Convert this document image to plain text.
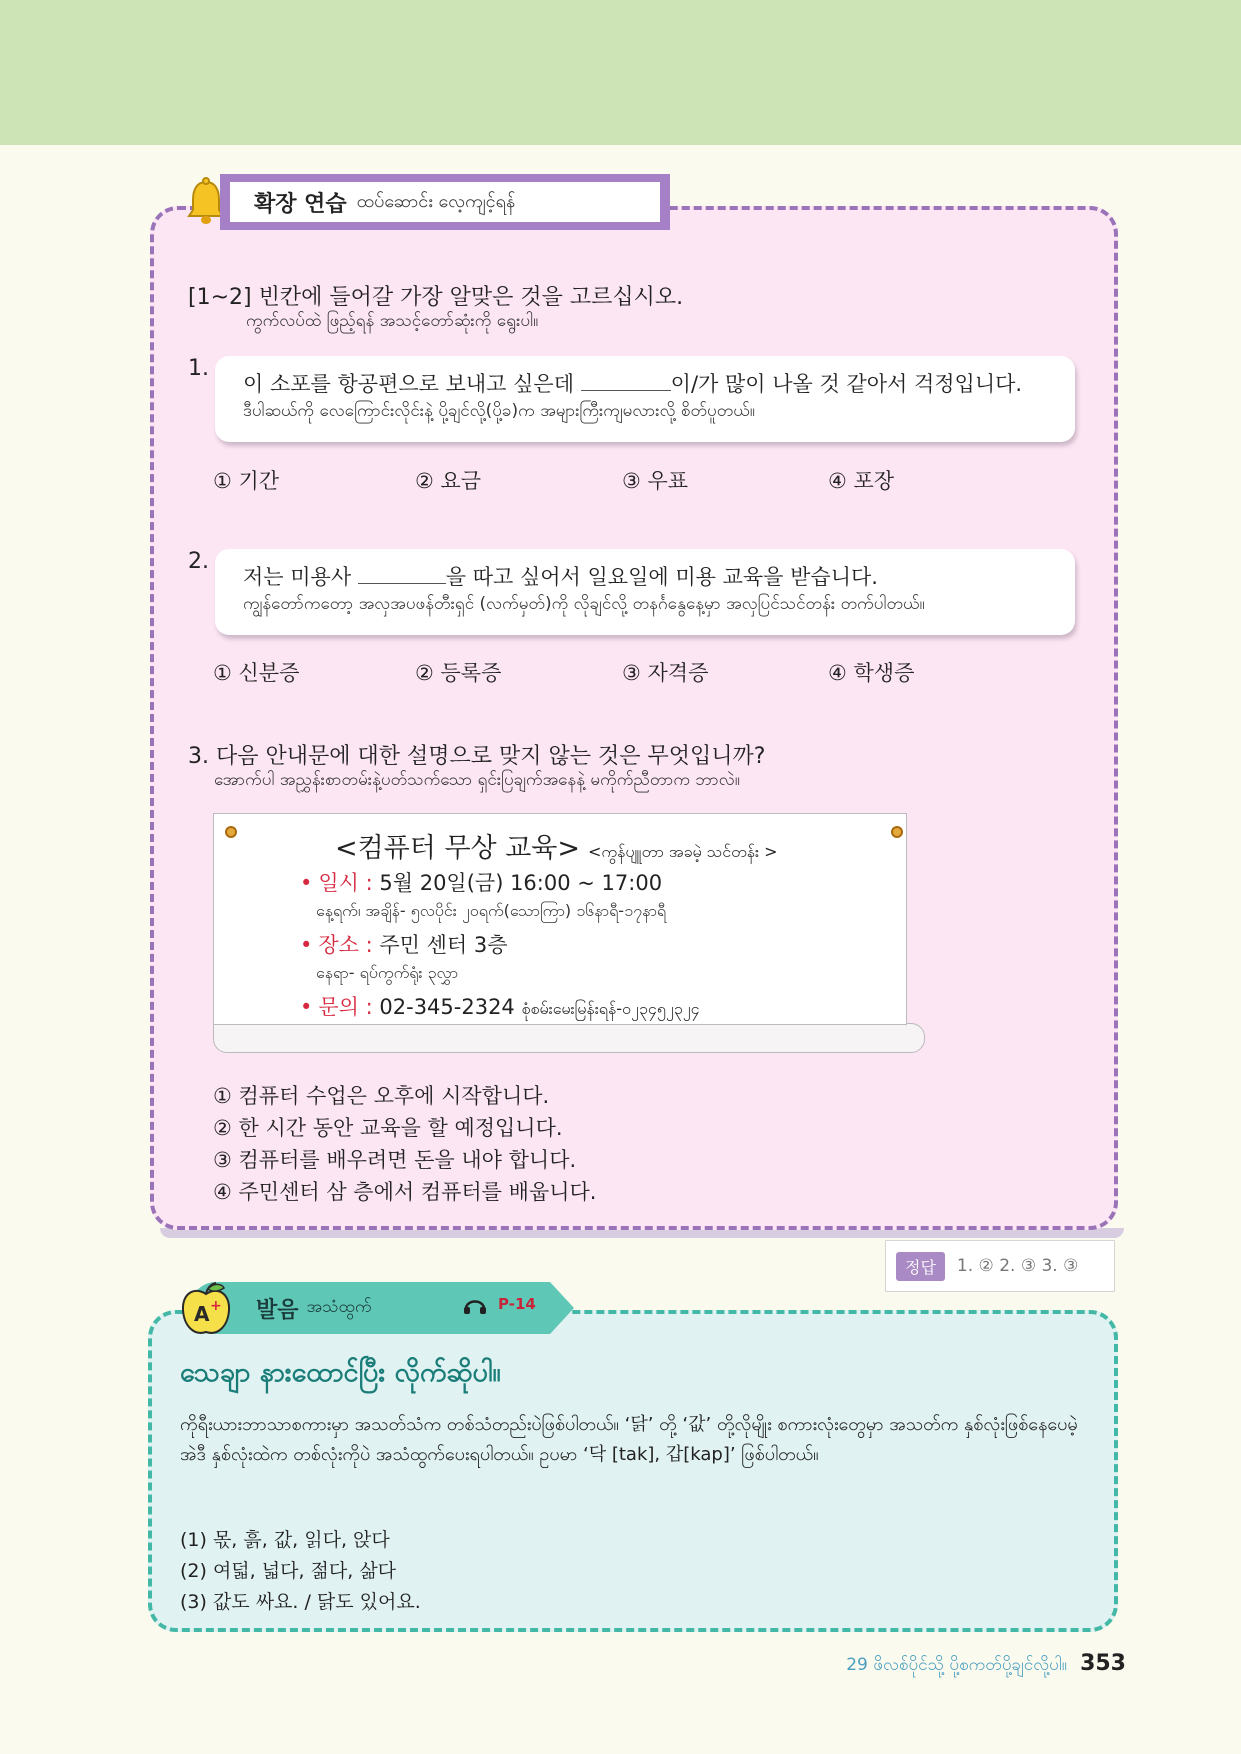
확장 연습 ထပ်ဆောင်း လေ့ကျင့်ရန်
[1~2] 빈칸에 들어갈 가장 알맞은 것을 고르십시오.
ကွက်လပ်ထဲ ဖြည့်ရန် အသင့်တော်ဆုံးကို ရွေးပါ။
1.
이 소포를 항공편으로 보내고 싶은데	이/가 많이 나올 것 같아서 걱정입니다.
ဒီပါဆယ်ကို လေကြောင်းလိုင်းနဲ့ ပို့ချင်လို့(ပို့ခ)က အများကြီးကျမလားလို့ စိတ်ပူတယ်။
① 기간	② 요금	③ 우표	④ 포장
2.
저는 미용사	을 따고 싶어서 일요일에 미용 교육을 받습니다.
ကျွန်တော်ကတော့ အလှအပဖန်တီးရှင် (လက်မှတ်)ကို လိုချင်လို့ တနင်္ဂနွေနေ့မှာ အလှပြင်သင်တန်း တက်ပါတယ်။
① 신분증	② 등록증	③ 자격증	④ 학생증
3. 다음 안내문에 대한 설명으로 맞지 않는 것은 무엇입니까?
အောက်ပါ အညွှန်းစာတမ်းနဲ့ပတ်သက်သော ရှင်းပြချက်အနေနဲ့ မကိုက်ညီတာက ဘာလဲ။
<컴퓨터 무상 교육> <ကွန်ပျူတာ အခမဲ့ သင်တန်း >
• 일시 : 5월 20일(금) 16:00 ~ 17:00
နေ့ရက်၊ အချိန်- ၅လပိုင်း ၂၀ရက်(သောကြာ) ၁၆နာရီ-၁၇နာရီ
• 장소 : 주민 센터 3층
နေရာ- ရပ်ကွက်ရုံး ၃လွှာ
• 문의 : 02-345-2324 စုံစမ်းမေးမြန်းရန်-၀၂၃၄၅၂၃၂၄
① 컴퓨터 수업은 오후에 시작합니다.
② 한 시간 동안 교육을 할 예정입니다.
③ 컴퓨터를 배우려면 돈을 내야 합니다.
④ 주민센터 삼 층에서 컴퓨터를 배웁니다.
정답	1. ② 2. ③ 3. ③
발음 အသံထွက်
A +	P-14
သေချာ နားထောင်ပြီး လိုက်ဆိုပါ။
ကိုရီးယားဘာသာစကားမှာ အသတ်သံက တစ်သံတည်းပဲဖြစ်ပါတယ်။ ‘닭’ တို့ ‘값’ တို့လိုမျိုး စကားလုံးတွေမှာ အသတ်က နှစ်လုံးဖြစ်နေပေမဲ့ အဲဒီ နှစ်လုံးထဲက တစ်လုံးကိုပဲ အသံထွက်ပေးရပါတယ်။ ဥပမာ ‘닥 [tak], 갑[kap]’ ဖြစ်ပါတယ်။
(1) 몫, 흙, 값, 읽다, 앉다
(2) 여덟, 넓다, 젊다, 삶다
(3) 값도 싸요. / 닭도 있어요.
29 ဖိလစ်ပိုင်သို့ ပို့စကတ်ပို့ချင်လို့ပါ။ 353
